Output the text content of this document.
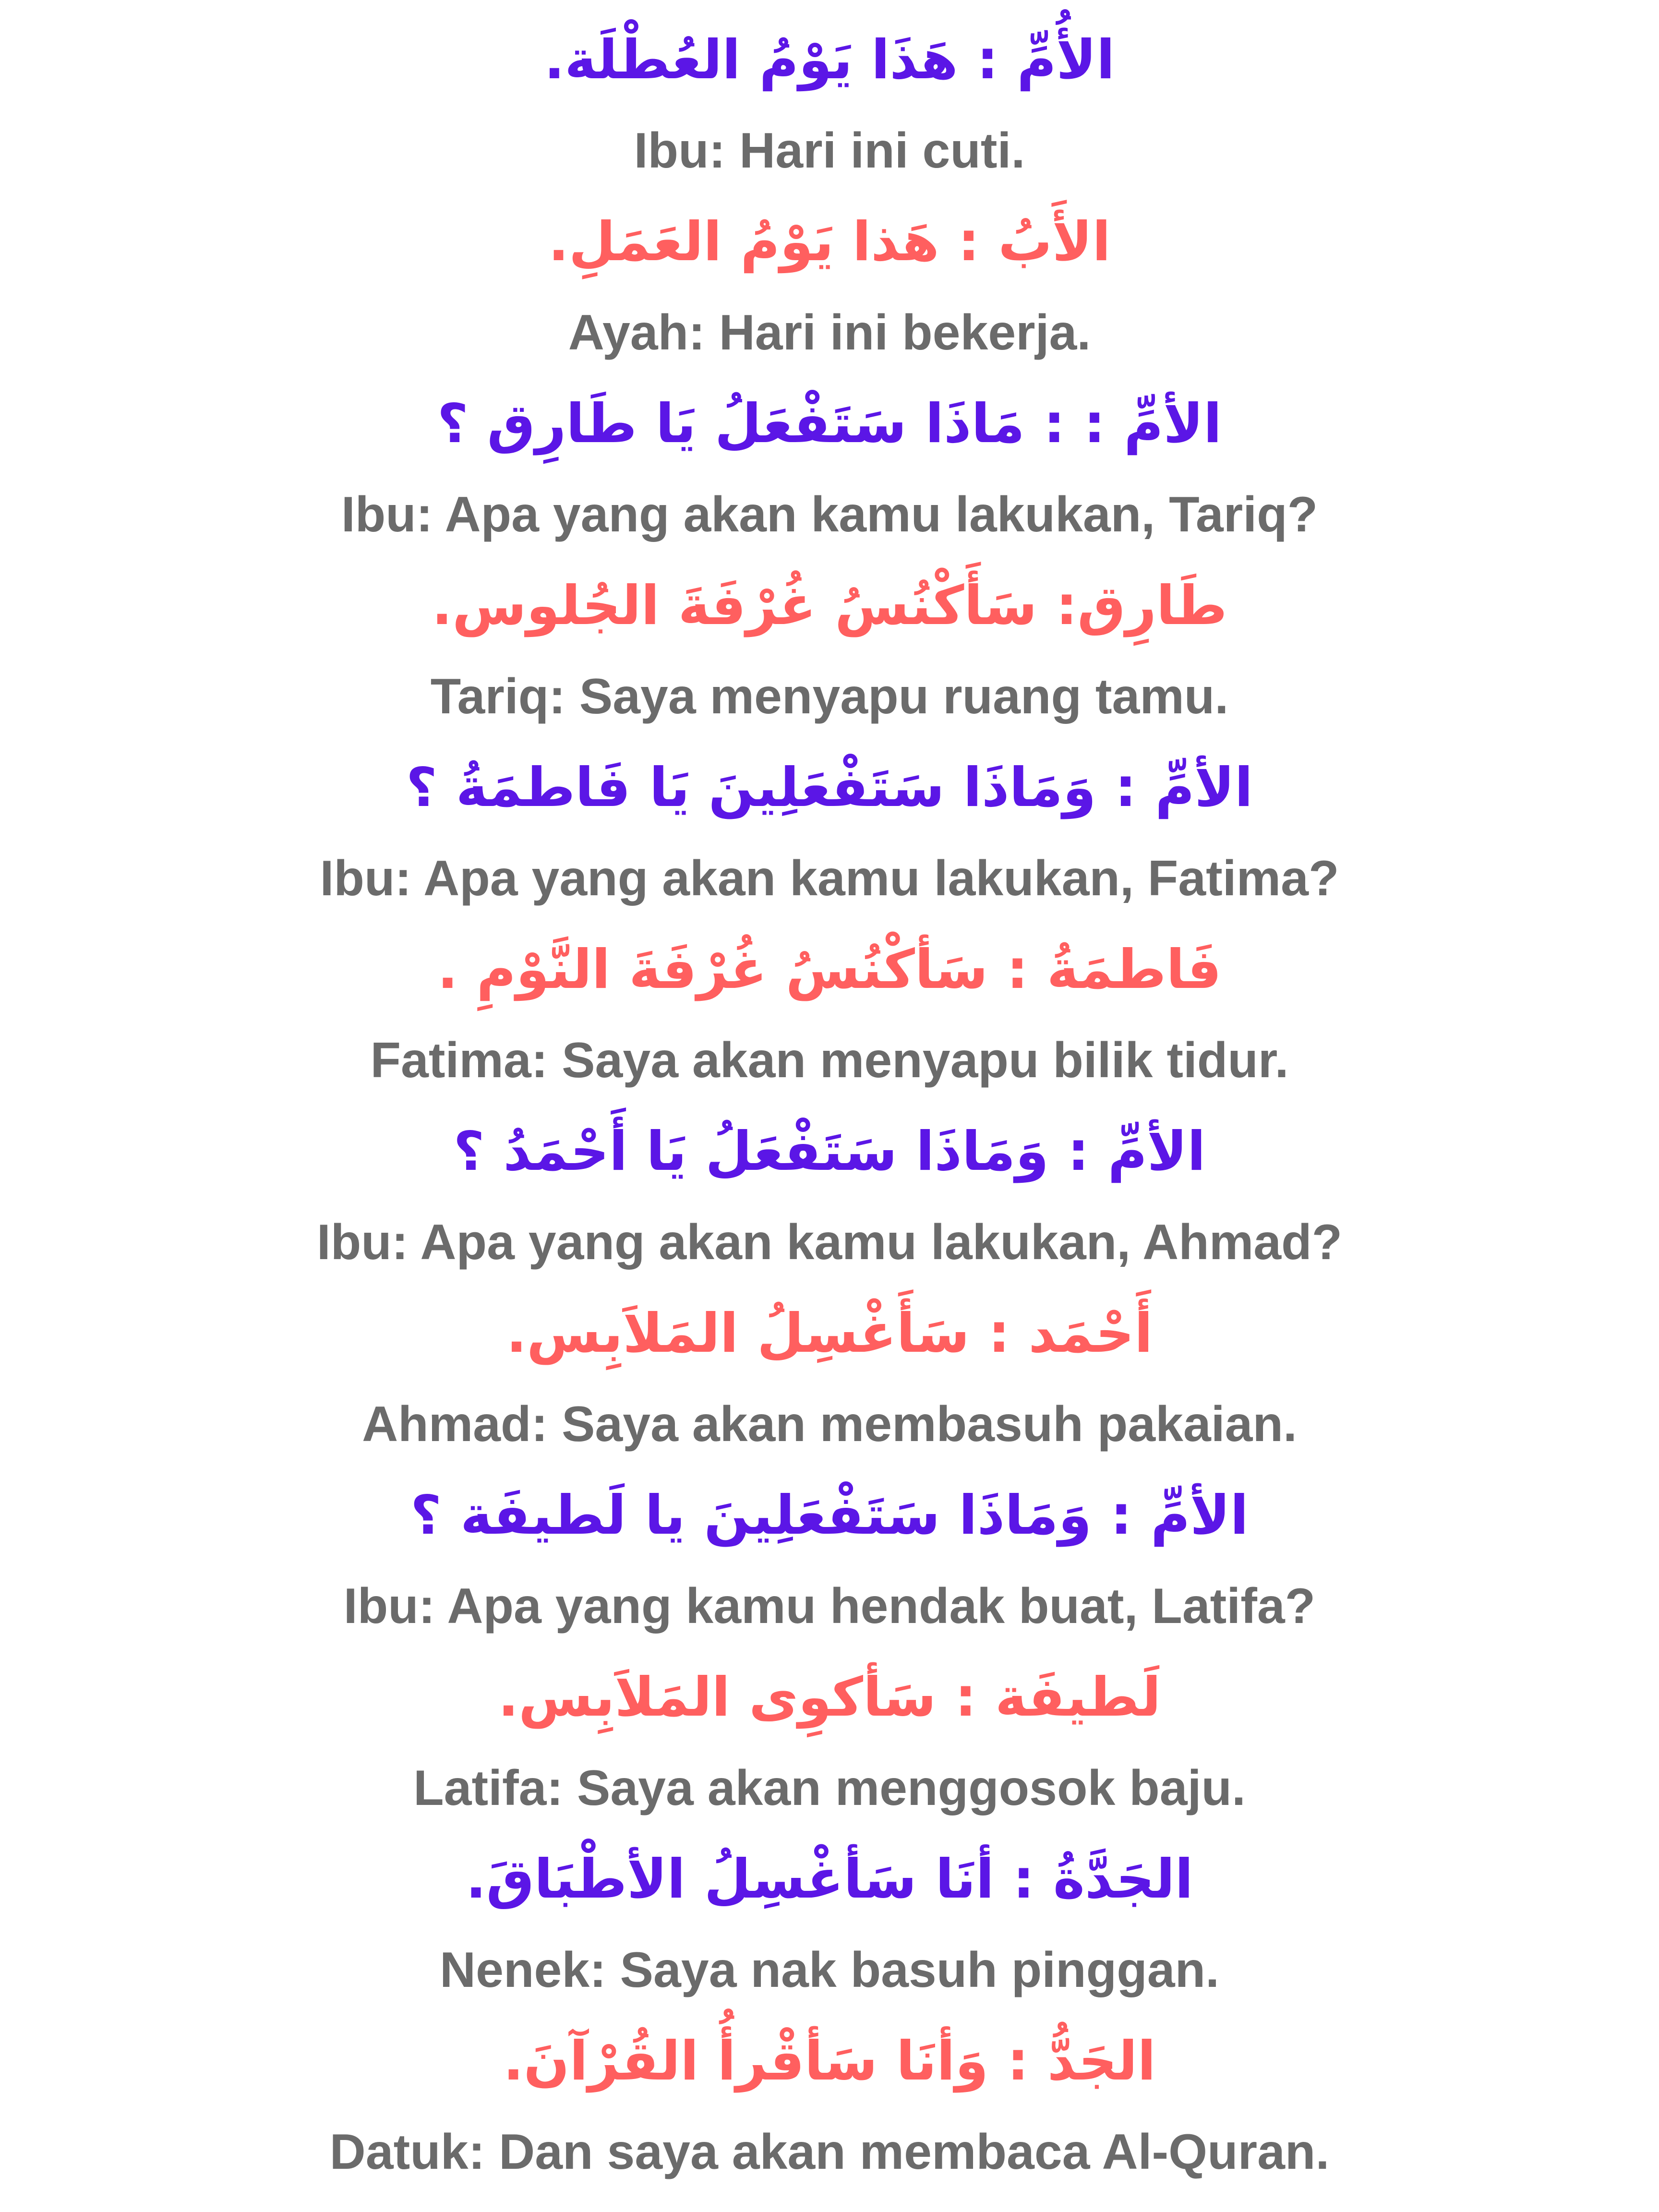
الأُمِّ : هَذَا يَوْمُ العُطْلَة.
Ibu: Hari ini cuti.
الأَبُ : هَذا يَوْمُ العَمَلِ.
Ayah: Hari ini bekerja.
الأمِّ : : مَاذَا سَتَفْعَلُ يَا طَارِق ؟
Ibu: Apa yang akan kamu lakukan, Tariq?
طَارِق: سَأَكْنُسُ غُرْفَةَ الجُلوس.
Tariq: Saya menyapu ruang tamu.
الأمِّ : وَمَاذَا سَتَفْعَلِينَ يَا فَاطمَةُ ؟
Ibu: Apa yang akan kamu lakukan, Fatima?
فَاطمَةُ : سَأكْنُسُ غُرْفَةَ النَّوْمِ .
Fatima: Saya akan menyapu bilik tidur.
الأمِّ : وَمَاذَا سَتَفْعَلُ يَا أَحْمَدُ ؟
Ibu: Apa yang akan kamu lakukan, Ahmad?
أَحْمَد : سَأَغْسِلُ المَلاَبِس.
Ahmad: Saya akan membasuh pakaian.
الأمِّ : وَمَاذَا سَتَفْعَلِينَ يا لَطيفَة ؟
Ibu: Apa yang kamu hendak buat, Latifa?
لَطيفَة : سَأكوِى المَلاَبِس.
Latifa: Saya akan menggosok baju.
الجَدَّةُ : أنَا سَأغْسِلُ الأطْبَاقَ.
Nenek: Saya nak basuh pinggan.
الجَدُّ : وَأنَا سَأقْرأُ القُرْآنَ.
Datuk: Dan saya akan membaca Al-Quran.
